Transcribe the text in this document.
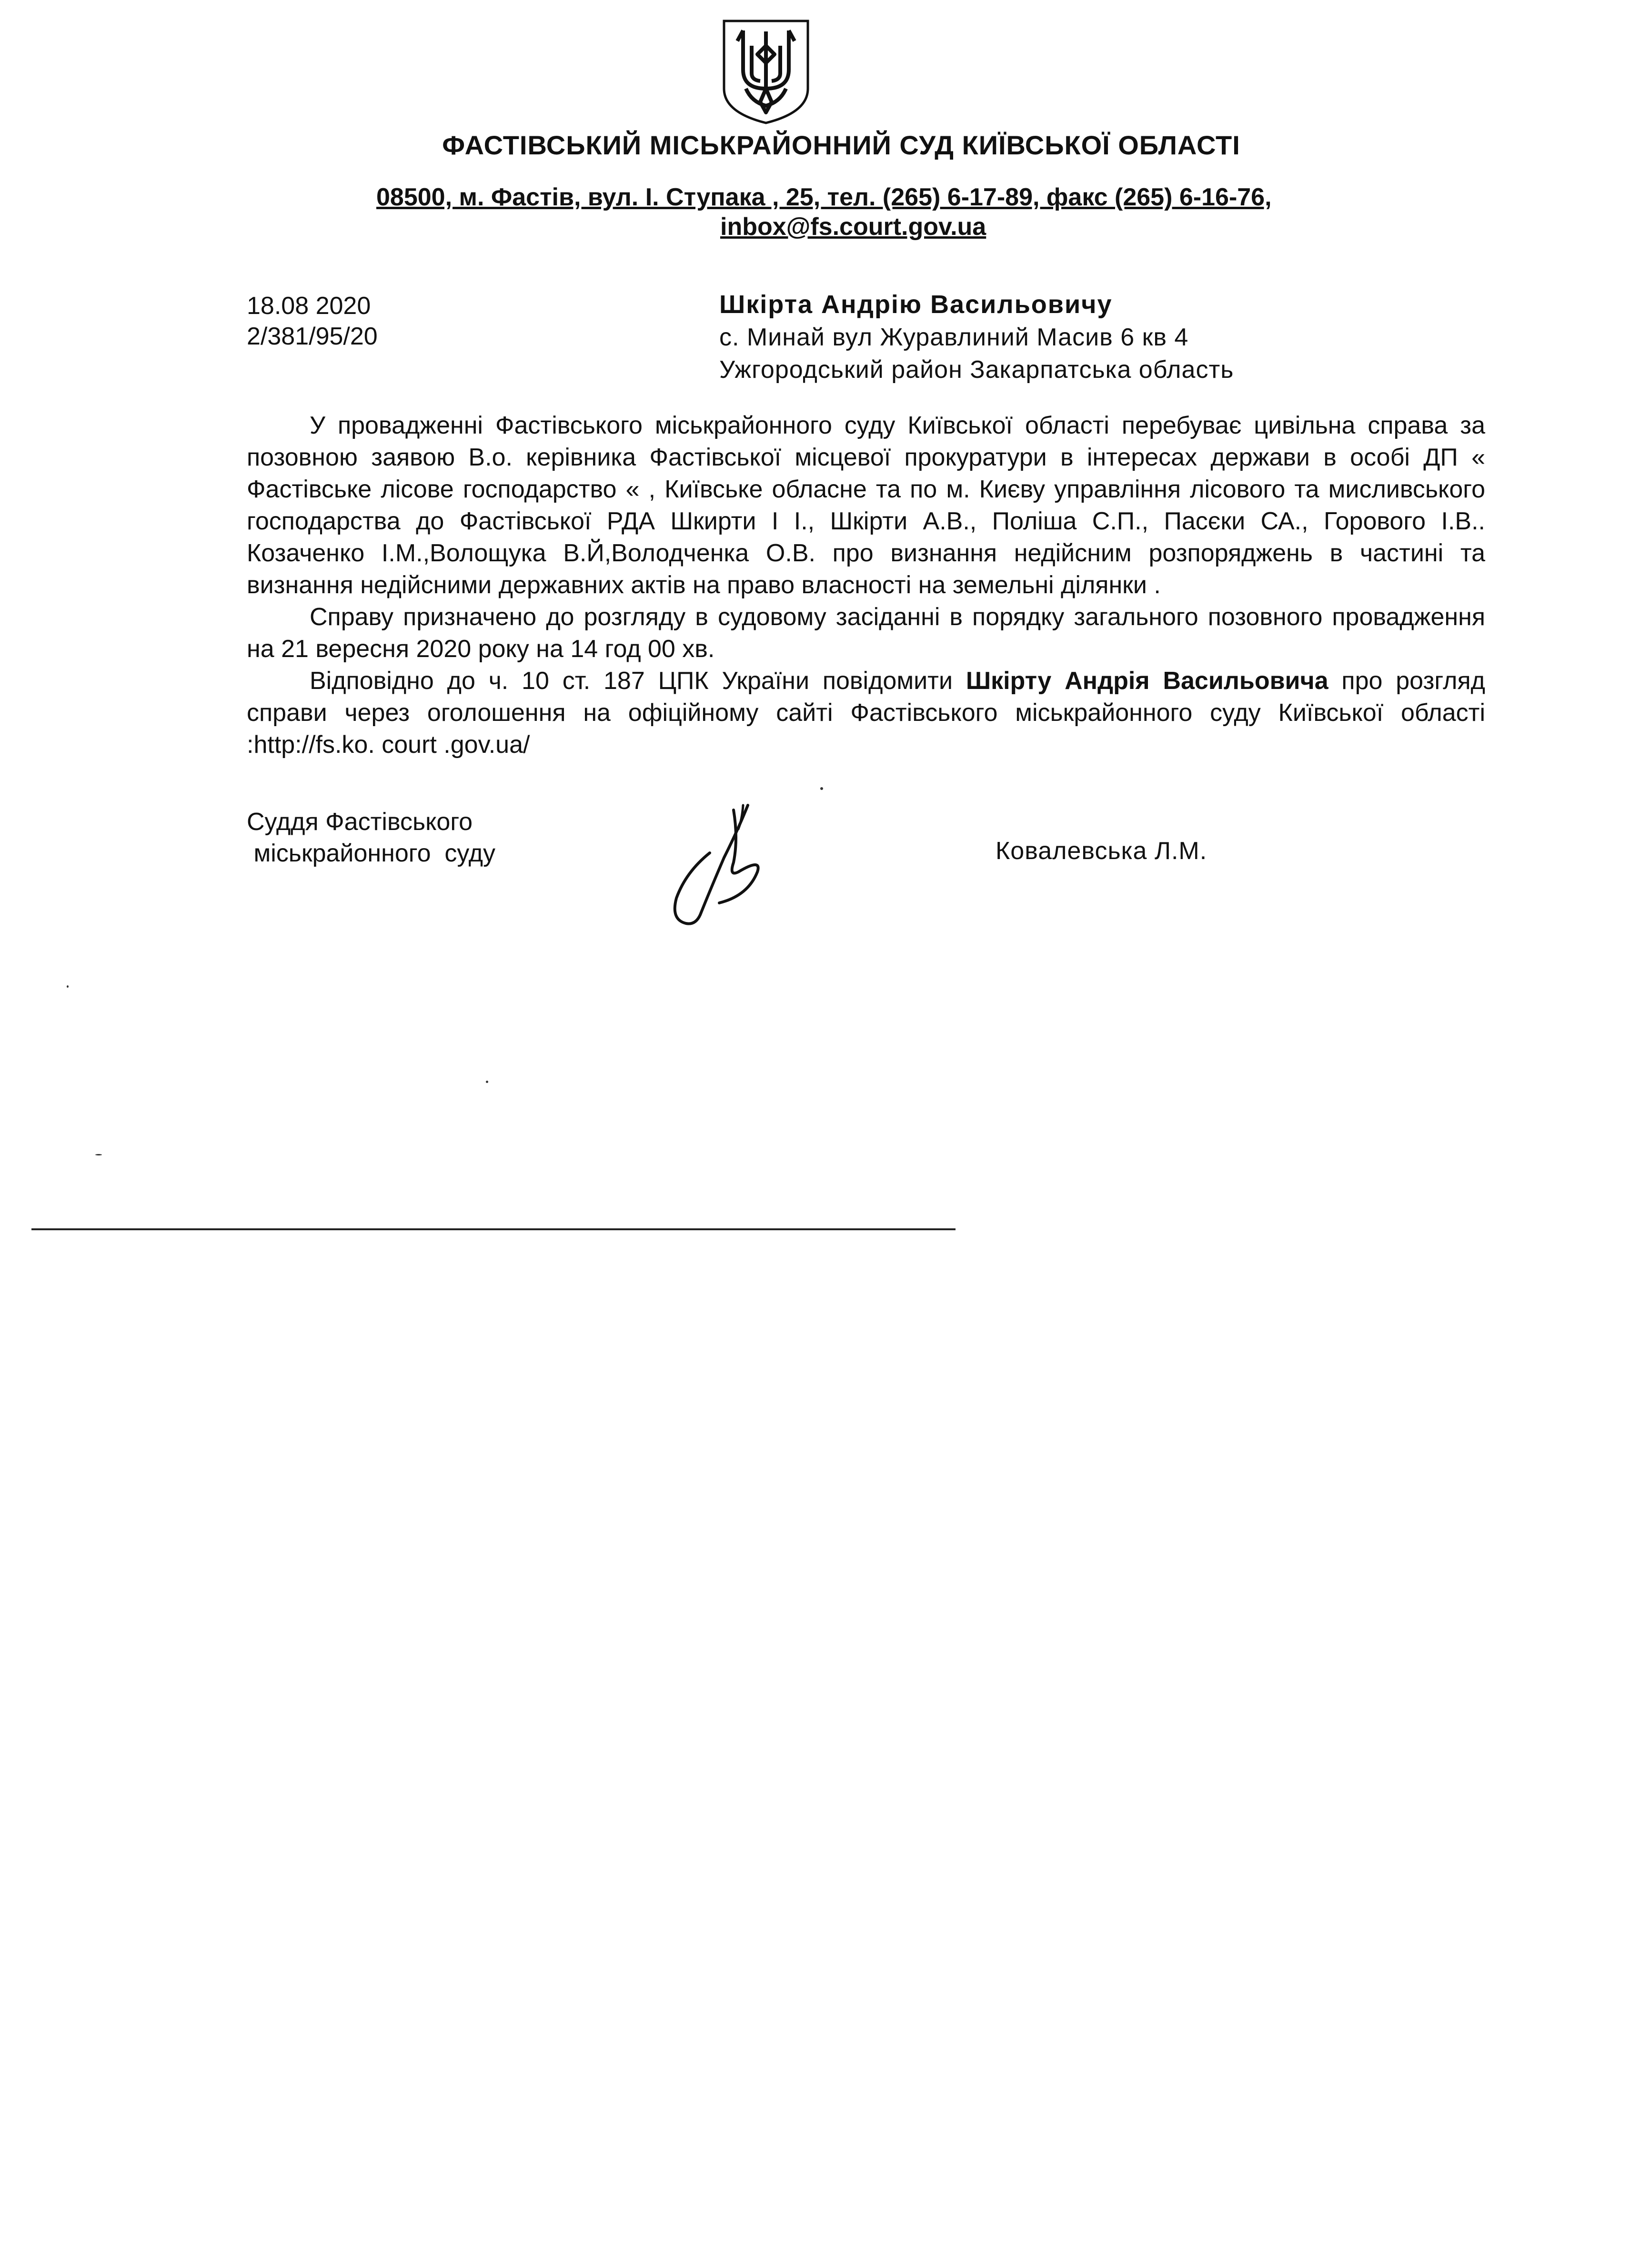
ФАСТІВСЬКИЙ МІСЬКРАЙОННИЙ СУД КИЇВСЬКОЇ ОБЛАСТІ
08500, м. Фастів, вул. І. Ступака , 25, тел. (265) 6-17-89, факс (265) 6-16-76,
inbox@fs.court.gov.ua
18.08 2020
2/381/95/20
Шкірта Андрію Васильовичу
с. Минай вул Журавлиний Масив 6 кв 4
Ужгородський район Закарпатська область

У провадженні Фастівського міськрайонного суду Київської області перебуває цивільна справа за позовною заявою В.о. керівника Фастівської місцевої прокуратури в інтересах держави в особі ДП « Фастівське лісове господарство « , Київське обласне та по м. Києву управління лісового та мисливського господарства до Фастівської РДА Шкирти І І., Шкірти А.В., Поліша С.П., Пасєки СА., Горового І.В.. Козаченко І.М.,Волощука В.Й,Володченка О.В. про визнання недійсним розпоряджень в частині та визнання недійсними державних актів на право власності на земельні ділянки .

Справу призначено до розгляду в судовому засіданні в порядку загального позовного провадження на 21 вересня 2020 року на 14 год 00 хв.

Відповідно до ч. 10 ст. 187 ЦПК України повідомити Шкірту Андрія Васильовича про розгляд справи через оголошення на офіційному сайті Фастівського міськрайонного суду Київської області :http://fs.ko. court .gov.ua/

Суддя Фастівського
міськрайонного  суду	Ковалевська Л.М.
